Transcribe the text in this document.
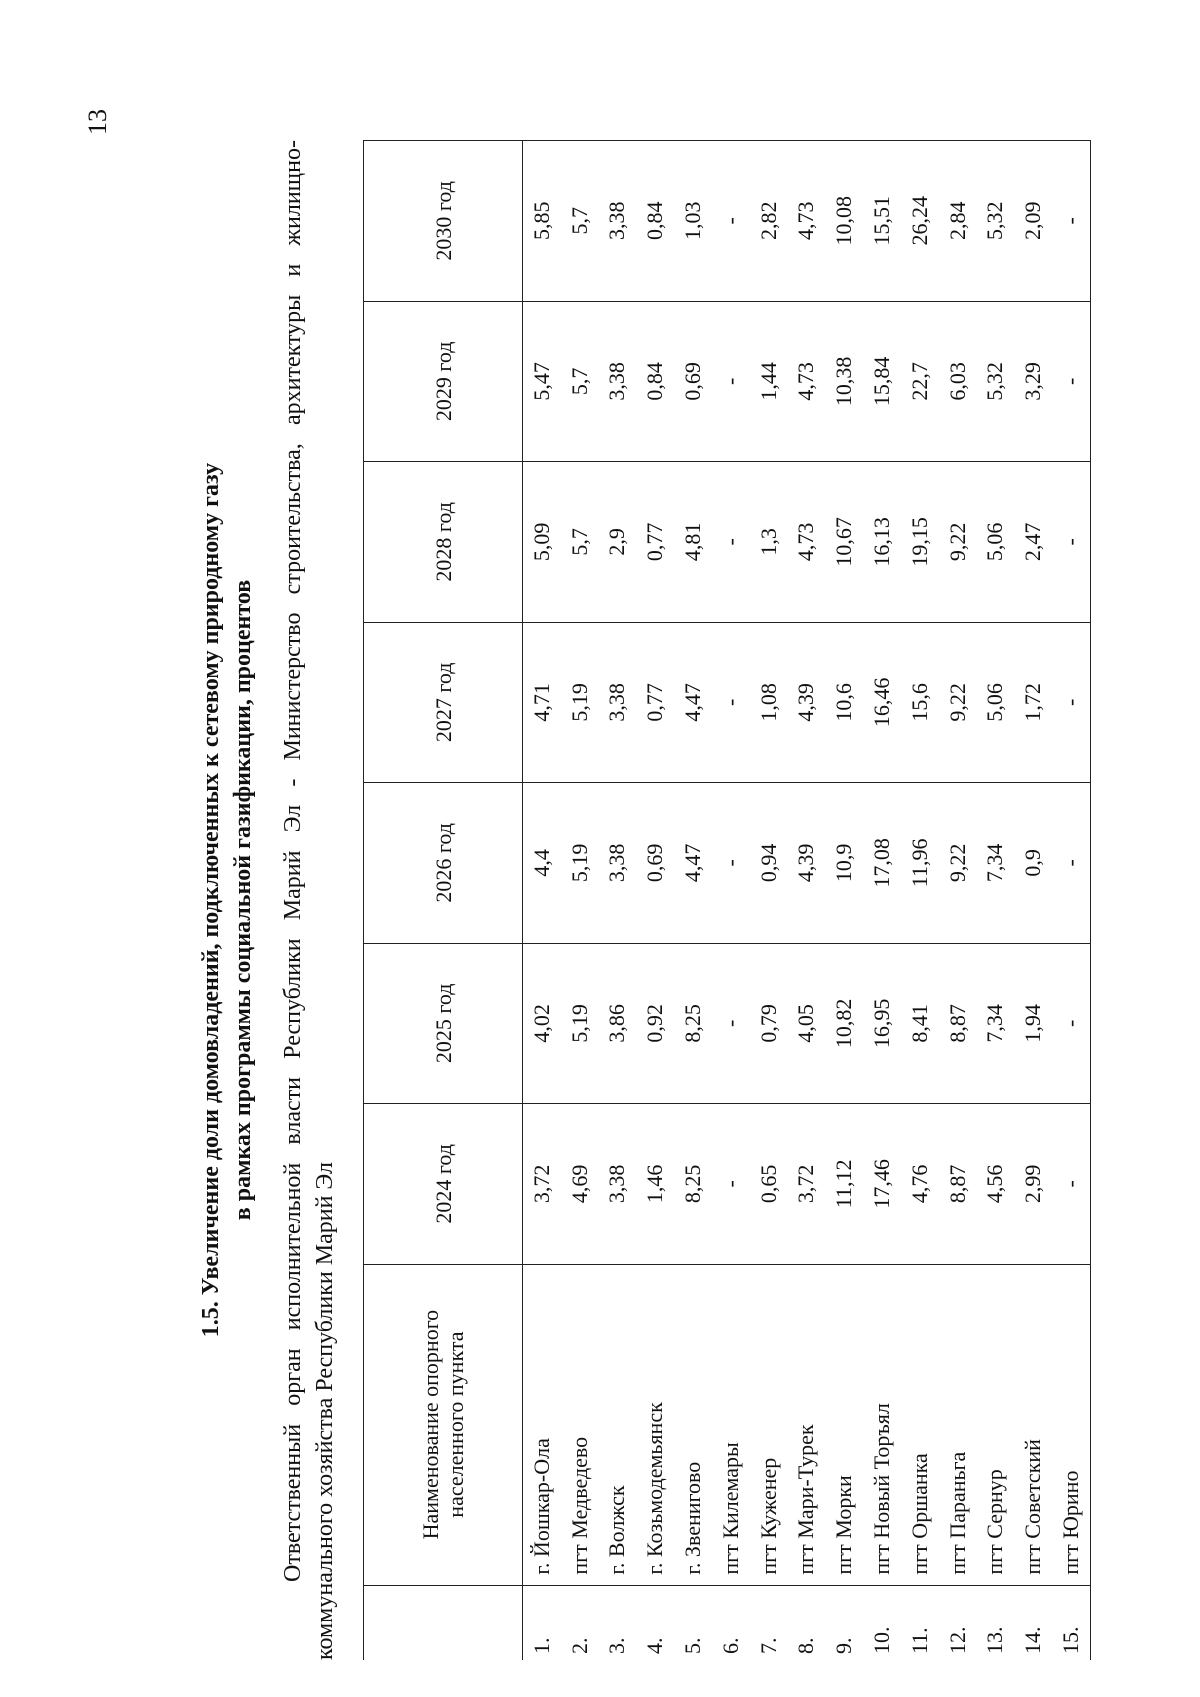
13
1.5. Увеличение доли домовладений, подключенных к сетевому природному газу в рамках программы социальной газификации, процентов Ответственный орган исполнительной власти Республики Марий Эл - Министерство строительства, архитектуры и жилищно-коммунального хозяйства Республики Марий Эл
		Наименование опорного населенного пункта	2024 год	2025 год	2026 год	2027 год	2028 год	2029 год	2030 год
1.	г. Йошкар-Ола	3,72	4,02	4,4	4,71	5,09	5,47	5,85
2.	пгт Медведево	4,69	5,19	5,19	5,19	5,7	5,7	5,7
3.	г. Волжск	3,38	3,86	3,38	3,38	2,9	3,38	3,38
4.	г. Козьмодемьянск	1,46	0,92	0,69	0,77	0,77	0,84	0,84
5.	г. Звенигово	8,25	8,25	4,47	4,47	4,81	0,69	1,03
6.	пгт Килемары	-	-	-	-	-	-	-
7.	пгт Куженер	0,65	0,79	0,94	1,08	1,3	1,44	2,82
8.	пгт Мари-Турек	3,72	4,05	4,39	4,39	4,73	4,73	4,73
9.	пгт Морки	11,12	10,82	10,9	10,6	10,67	10,38	10,08
10.	пгт Новый Торъял	17,46	16,95	17,08	16,46	16,13	15,84	15,51
11.	пгт Оршанка	4,76	8,41	11,96	15,6	19,15	22,7	26,24
12.	пгт Параньга	8,87	8,87	9,22	9,22	9,22	6,03	2,84
13.	пгт Сернур	4,56	7,34	7,34	5,06	5,06	5,32	5,32
14.	пгт Советский	2,99	1,94	0,9	1,72	2,47	3,29	2,09
15.	пгт Юрино	-	-	-	-	-	-	-
